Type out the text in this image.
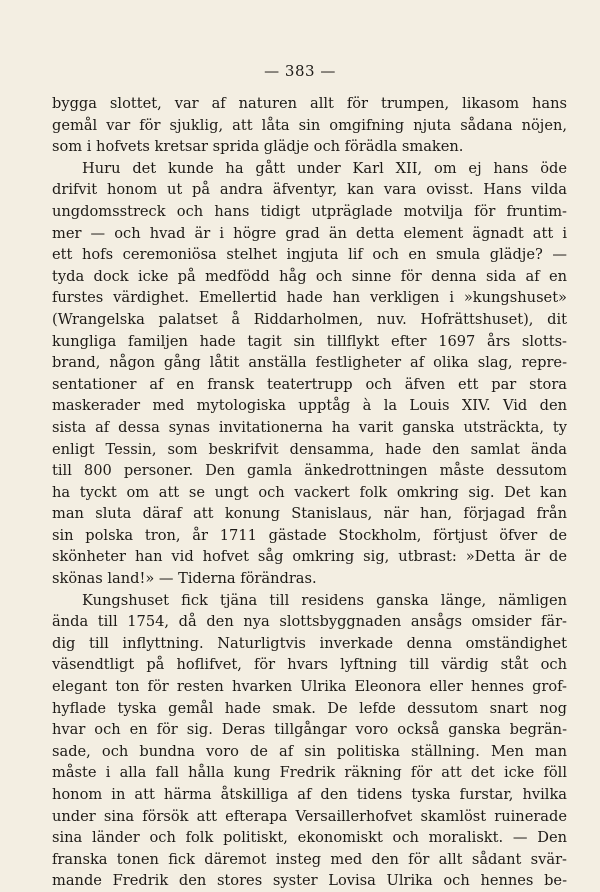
— 383 —
bygga slottet, var af naturen allt för trumpen, likasom hans
gemål var för sjuklig, att låta sin omgifning njuta sådana nöjen,
som i hofvets kretsar sprida glädje och förädla smaken.
Huru det kunde ha gått under Karl XII, om ej hans öde
drifvit honom ut på andra äfventyr, kan vara ovisst. Hans vilda
ungdomsstreck och hans tidigt utpräglade motvilja för fruntim-
mer — och hvad är i högre grad än detta element ägnadt att i
ett hofs ceremoniösa stelhet ingjuta lif och en smula glädje? —
tyda dock icke på medfödd håg och sinne för denna sida af en
furstes värdighet. Emellertid hade han verkligen i »kungshuset»
(Wrangelska palatset å Riddarholmen, nuv. Hofrättshuset), dit
kungliga familjen hade tagit sin tillflykt efter 1697 års slotts-
brand, någon gång låtit anställa festligheter af olika slag, repre-
sentationer af en fransk teatertrupp och äfven ett par stora
maskerader med mytologiska upptåg à la Louis XIV. Vid den
sista af dessa synas invitationerna ha varit ganska utsträckta, ty
enligt Tessin, som beskrifvit densamma, hade den samlat ända
till 800 personer. Den gamla änkedrottningen måste dessutom
ha tyckt om att se ungt och vackert folk omkring sig. Det kan
man sluta däraf att konung Stanislaus, när han, förjagad från
sin polska tron, år 1711 gästade Stockholm, förtjust öfver de
skönheter han vid hofvet såg omkring sig, utbrast: »Detta är de
skönas land!» — Tiderna förändras.
Kungshuset fick tjäna till residens ganska länge, nämligen
ända till 1754, då den nya slottsbyggnaden ansågs omsider fär-
dig till inflyttning. Naturligtvis inverkade denna omständighet
väsendtligt på hoflifvet, för hvars lyftning till värdig ståt och
elegant ton för resten hvarken Ulrika Eleonora eller hennes grof-
hyflade tyska gemål hade smak. De lefde dessutom snart nog
hvar och en för sig. Deras tillgångar voro också ganska begrän-
sade, och bundna voro de af sin politiska ställning. Men man
måste i alla fall hålla kung Fredrik räkning för att det icke föll
honom in att härma åtskilliga af den tidens tyska furstar, hvilka
under sina försök att efterapa Versaillerhofvet skamlöst ruinerade
sina länder och folk politiskt, ekonomiskt och moraliskt. — Den
franska tonen fick däremot insteg med den för allt sådant svär-
mande Fredrik den stores syster Lovisa Ulrika och hennes be-
